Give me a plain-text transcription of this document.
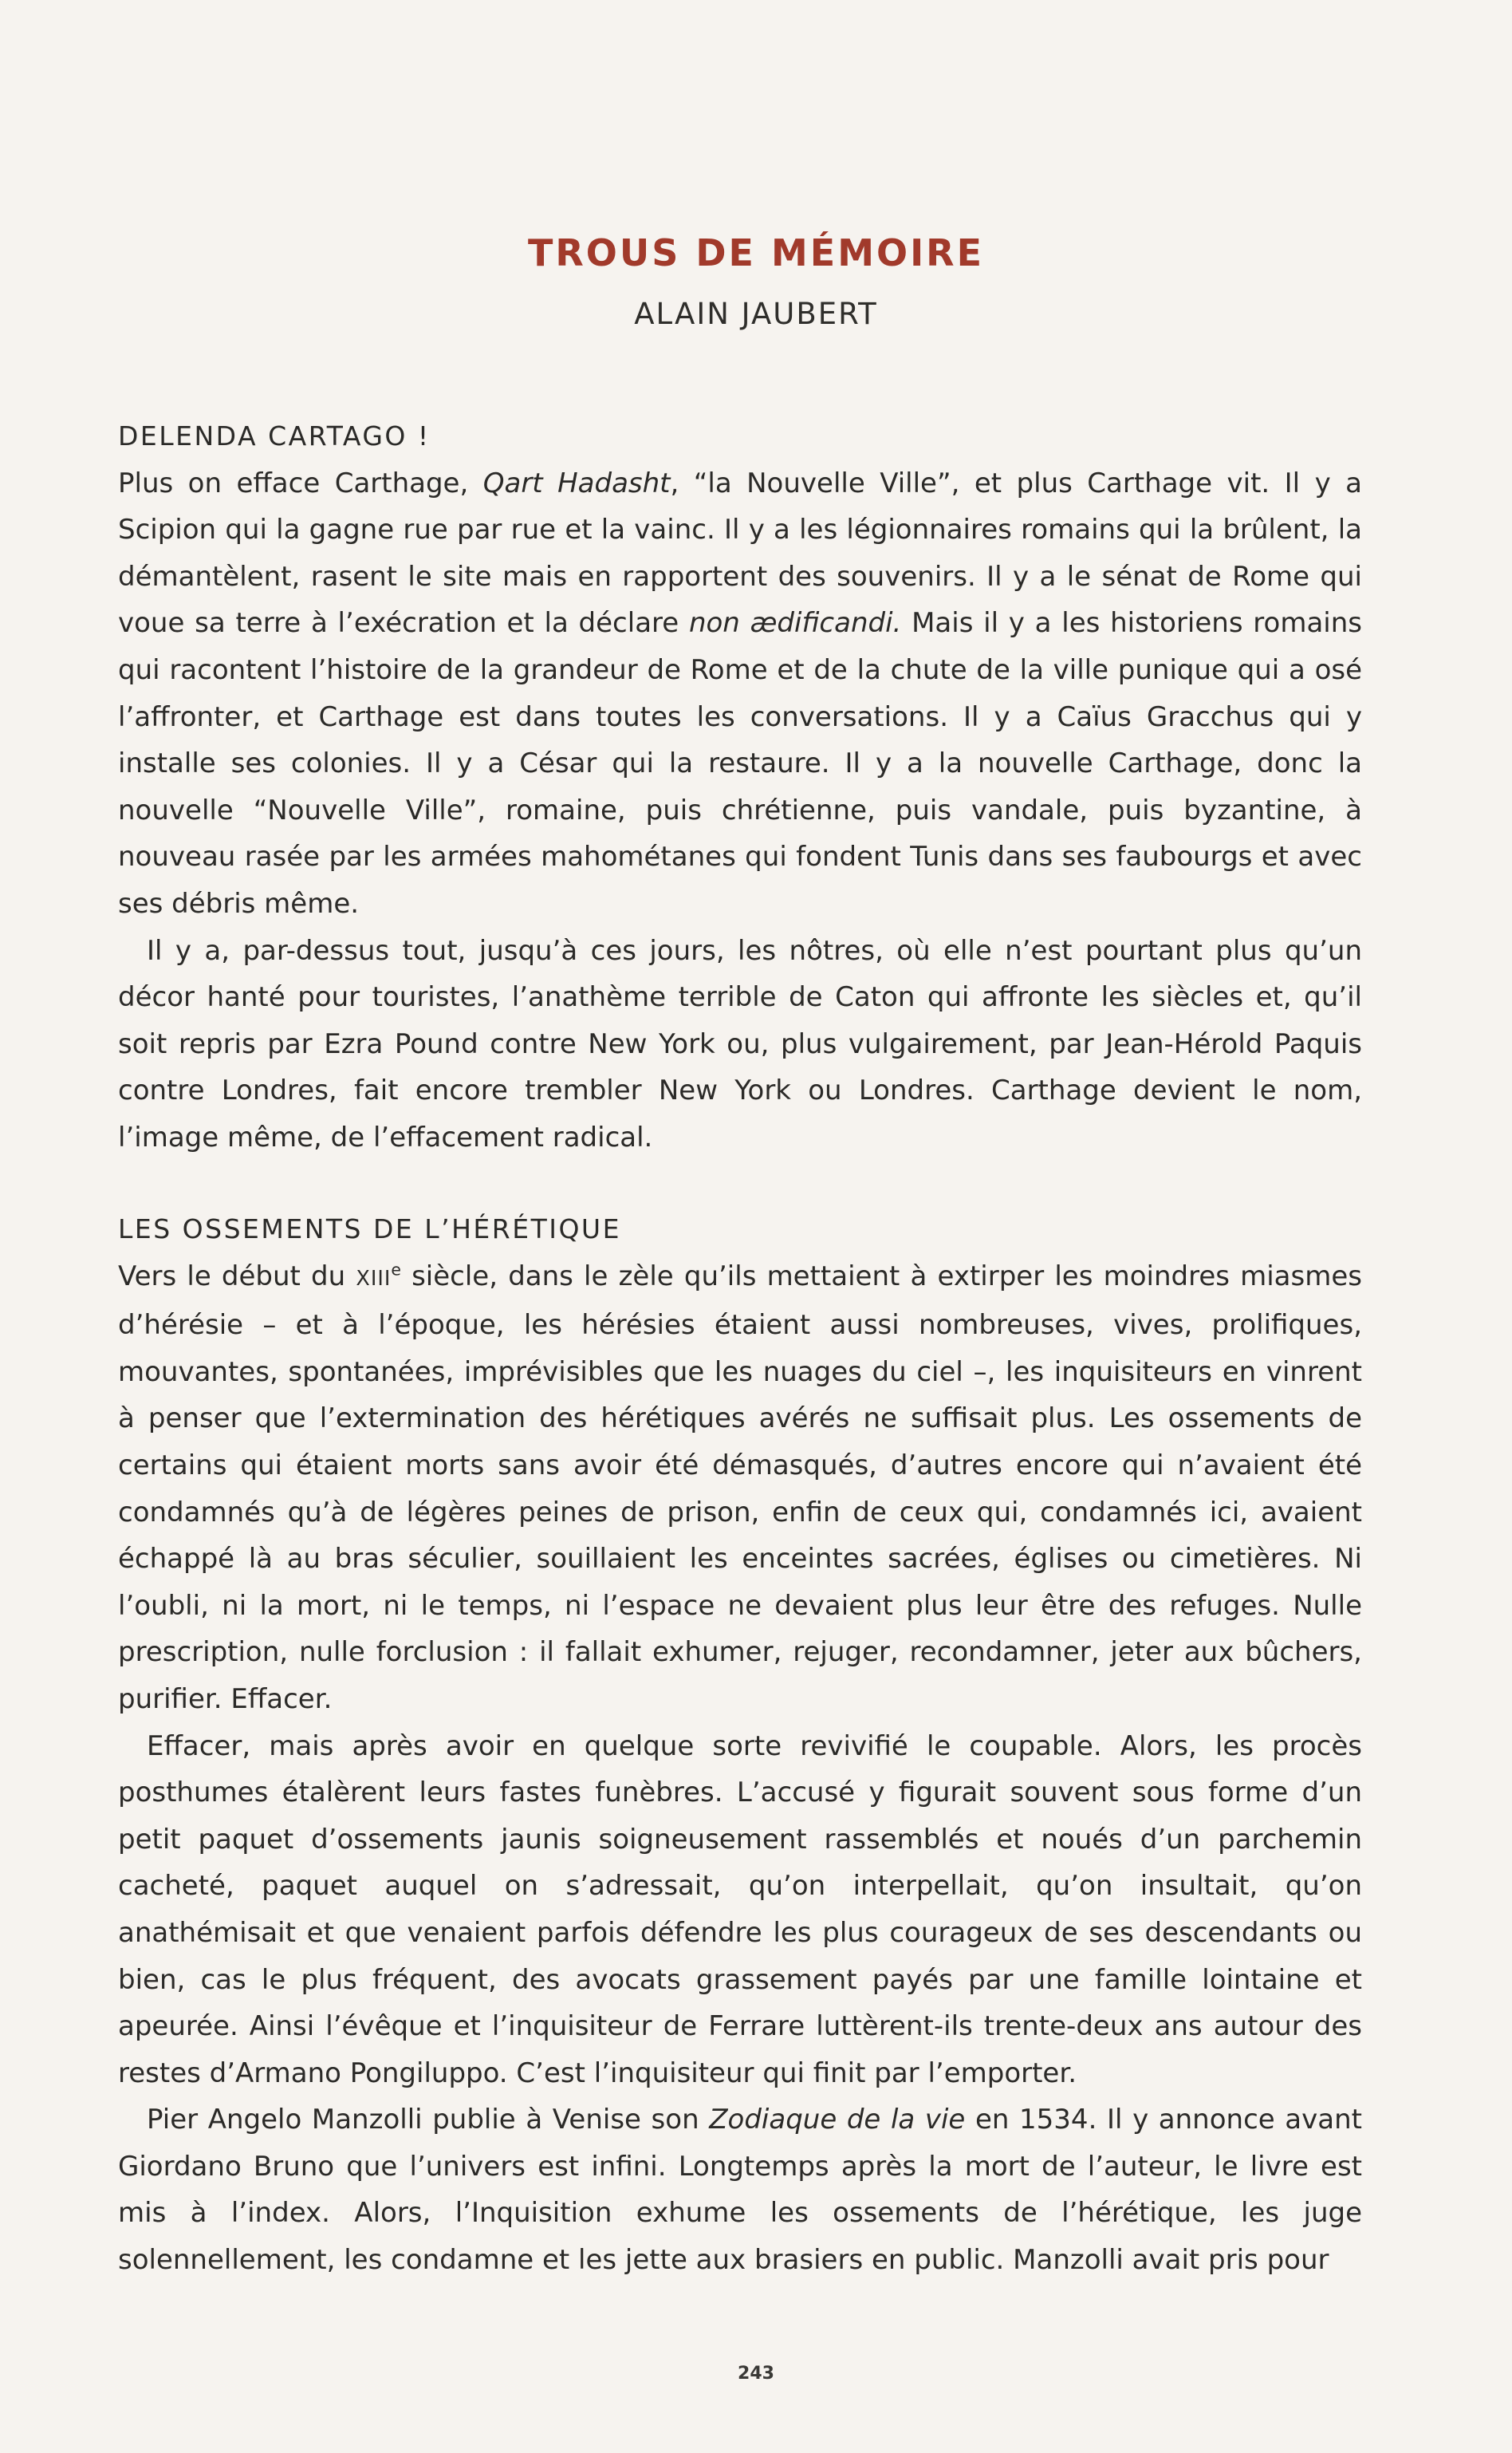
TROUS DE MÉMOIRE
ALAIN JAUBERT
DELENDA CARTAGO !

Plus on efface Carthage, Qart Hadasht, “la Nouvelle Ville”, et plus Carthage vit. Il y a Scipion qui la gagne rue par rue et la vainc. Il y a les légionnaires romains qui la brûlent, la démantèlent, rasent le site mais en rapportent des souvenirs. Il y a le sénat de Rome qui voue sa terre à l’exécration et la déclare non ædificandi. Mais il y a les historiens romains qui racontent l’histoire de la grandeur de Rome et de la chute de la ville punique qui a osé l’affronter, et Carthage est dans toutes les conversations. Il y a Caïus Gracchus qui y installe ses colonies. Il y a César qui la restaure. Il y a la nouvelle Carthage, donc la nouvelle “Nouvelle Ville”, romaine, puis chrétienne, puis vandale, puis byzantine, à nouveau rasée par les armées mahométanes qui fondent Tunis dans ses faubourgs et avec ses débris même.

Il y a, par-dessus tout, jusqu’à ces jours, les nôtres, où elle n’est pourtant plus qu’un décor hanté pour touristes, l’anathème terrible de Caton qui affronte les siècles et, qu’il soit repris par Ezra Pound contre New York ou, plus vulgairement, par Jean-Hérold Paquis contre Londres, fait encore trembler New York ou Londres. Carthage devient le nom, l’image même, de l’effacement radical.

LES OSSEMENTS DE L’HÉRÉTIQUE

Vers le début du XIIIe siècle, dans le zèle qu’ils mettaient à extirper les moindres miasmes d’hérésie – et à l’époque, les hérésies étaient aussi nombreuses, vives, prolifiques, mouvantes, spontanées, imprévisibles que les nuages du ciel –, les inquisiteurs en vinrent à penser que l’extermination des hérétiques avérés ne suffisait plus. Les ossements de certains qui étaient morts sans avoir été démasqués, d’autres encore qui n’avaient été condamnés qu’à de légères peines de prison, enfin de ceux qui, condamnés ici, avaient échappé là au bras séculier, souillaient les enceintes sacrées, églises ou cimetières. Ni l’oubli, ni la mort, ni le temps, ni l’espace ne devaient plus leur être des refuges. Nulle prescription, nulle forclusion : il fallait exhumer, rejuger, recondamner, jeter aux bûchers, purifier. Effacer.

Effacer, mais après avoir en quelque sorte revivifié le coupable. Alors, les procès posthumes étalèrent leurs fastes funèbres. L’accusé y figurait souvent sous forme d’un petit paquet d’ossements jaunis soigneusement rassemblés et noués d’un parchemin cacheté, paquet auquel on s’adressait, qu’on interpellait, qu’on insultait, qu’on anathémisait et que venaient parfois défendre les plus courageux de ses descendants ou bien, cas le plus fréquent, des avocats grassement payés par une famille lointaine et apeurée. Ainsi l’évêque et l’inquisiteur de Ferrare luttèrent-ils trente-deux ans autour des restes d’Armano Pongiluppo. C’est l’inquisiteur qui finit par l’emporter.

Pier Angelo Manzolli publie à Venise son Zodiaque de la vie en 1534. Il y annonce avant Giordano Bruno que l’univers est infini. Longtemps après la mort de l’auteur, le livre est mis à l’index. Alors, l’Inquisition exhume les ossements de l’hérétique, les juge solennellement, les condamne et les jette aux brasiers en public. Manzolli avait pris pour

243
